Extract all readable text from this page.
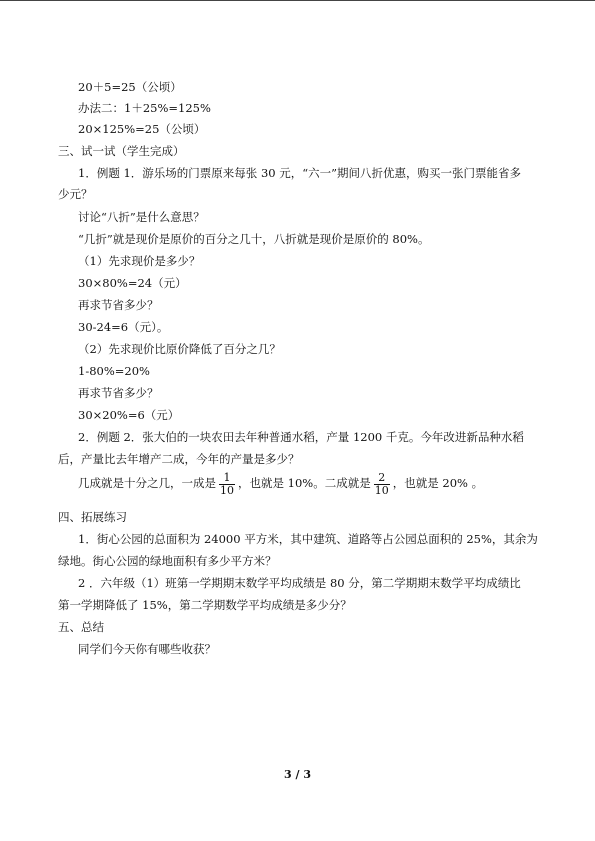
20＋5=25（公顷）
办法二：1＋25%=125%
20×125%=25（公顷）
三、试一试（学生完成）
1．例题 1．游乐场的门票原来每张 30 元，“六一”期间八折优惠，购买一张门票能省多
少元？
讨论“八折”是什么意思？
“几折”就是现价是原价的百分之几十，八折就是现价是原价的 80%。
（1）先求现价是多少？
30×80%=24（元）
再求节省多少？
30-24=6（元）。
（2）先求现价比原价降低了百分之几？
1-80%=20%
再求节省多少？
30×20%=6（元）
2．例题 2．张大伯的一块农田去年种普通水稻，产量 1200 千克。今年改进新品种水稻
后，产量比去年增产二成，今年的产量是多少？
几成就是十分之几，一成是 $\frac{1}{10}$ ，也就是 10%。二成就是 $\frac{2}{10}$ ，也就是 20% 。
四、拓展练习
1．街心公园的总面积为 24000 平方米，其中建筑、道路等占公园总面积的 25%，其余为
绿地。街心公园的绿地面积有多少平方米？
2 ．六年级（1）班第一学期期末数学平均成绩是 80 分，第二学期期末数学平均成绩比
第一学期降低了 15%，第二学期数学平均成绩是多少分？
五、总结
同学们今天你有哪些收获？
3 / 3
